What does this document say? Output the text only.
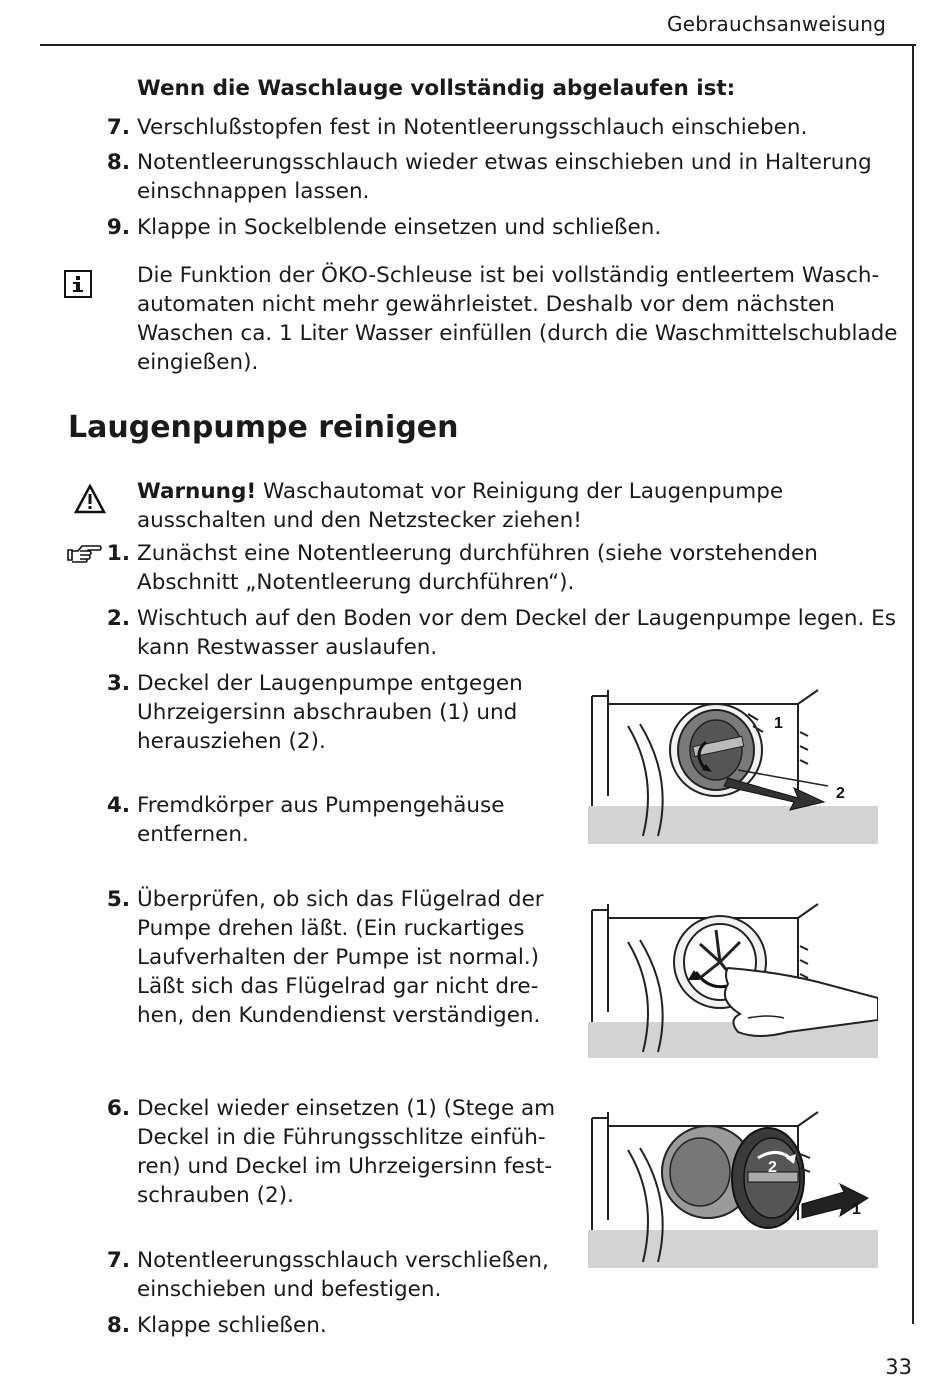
Gebrauchsanweisung
Wenn die Waschlauge vollständig abgelaufen ist:
7. Verschlußstopfen fest in Notentleerungsschlauch einschieben.
8. Notentleerungsschlauch wieder etwas einschieben und in Halterung
einschnappen lassen.
9. Klappe in Sockelblende einsetzen und schließen.
Die Funktion der ÖKO-Schleuse ist bei vollständig entleertem Wasch-
automaten nicht mehr gewährleistet. Deshalb vor dem nächsten
Waschen ca. 1 Liter Wasser einfüllen (durch die Waschmittelschublade
eingießen).
Laugenpumpe reinigen
Warnung! Waschautomat vor Reinigung der Laugenpumpe
ausschalten und den Netzstecker ziehen!
1. Zunächst eine Notentleerung durchführen (siehe vorstehenden
Abschnitt „Notentleerung durchführen“).
2. Wischtuch auf den Boden vor dem Deckel der Laugenpumpe legen. Es
kann Restwasser auslaufen.
3. Deckel der Laugenpumpe entgegen
Uhrzeigersinn abschrauben (1) und
herausziehen (2).
4. Fremdkörper aus Pumpengehäuse
entfernen.
5. Überprüfen, ob sich das Flügelrad der
Pumpe drehen läßt. (Ein ruckartiges
Laufverhalten der Pumpe ist normal.)
Läßt sich das Flügelrad gar nicht dre-
hen, den Kundendienst verständigen.
6. Deckel wieder einsetzen (1) (Stege am
Deckel in die Führungsschlitze einfüh-
ren) und Deckel im Uhrzeigersinn fest-
schrauben (2).
7. Notentleerungsschlauch verschließen,
einschieben und befestigen.
8. Klappe schließen.
1
2
2
1
33
